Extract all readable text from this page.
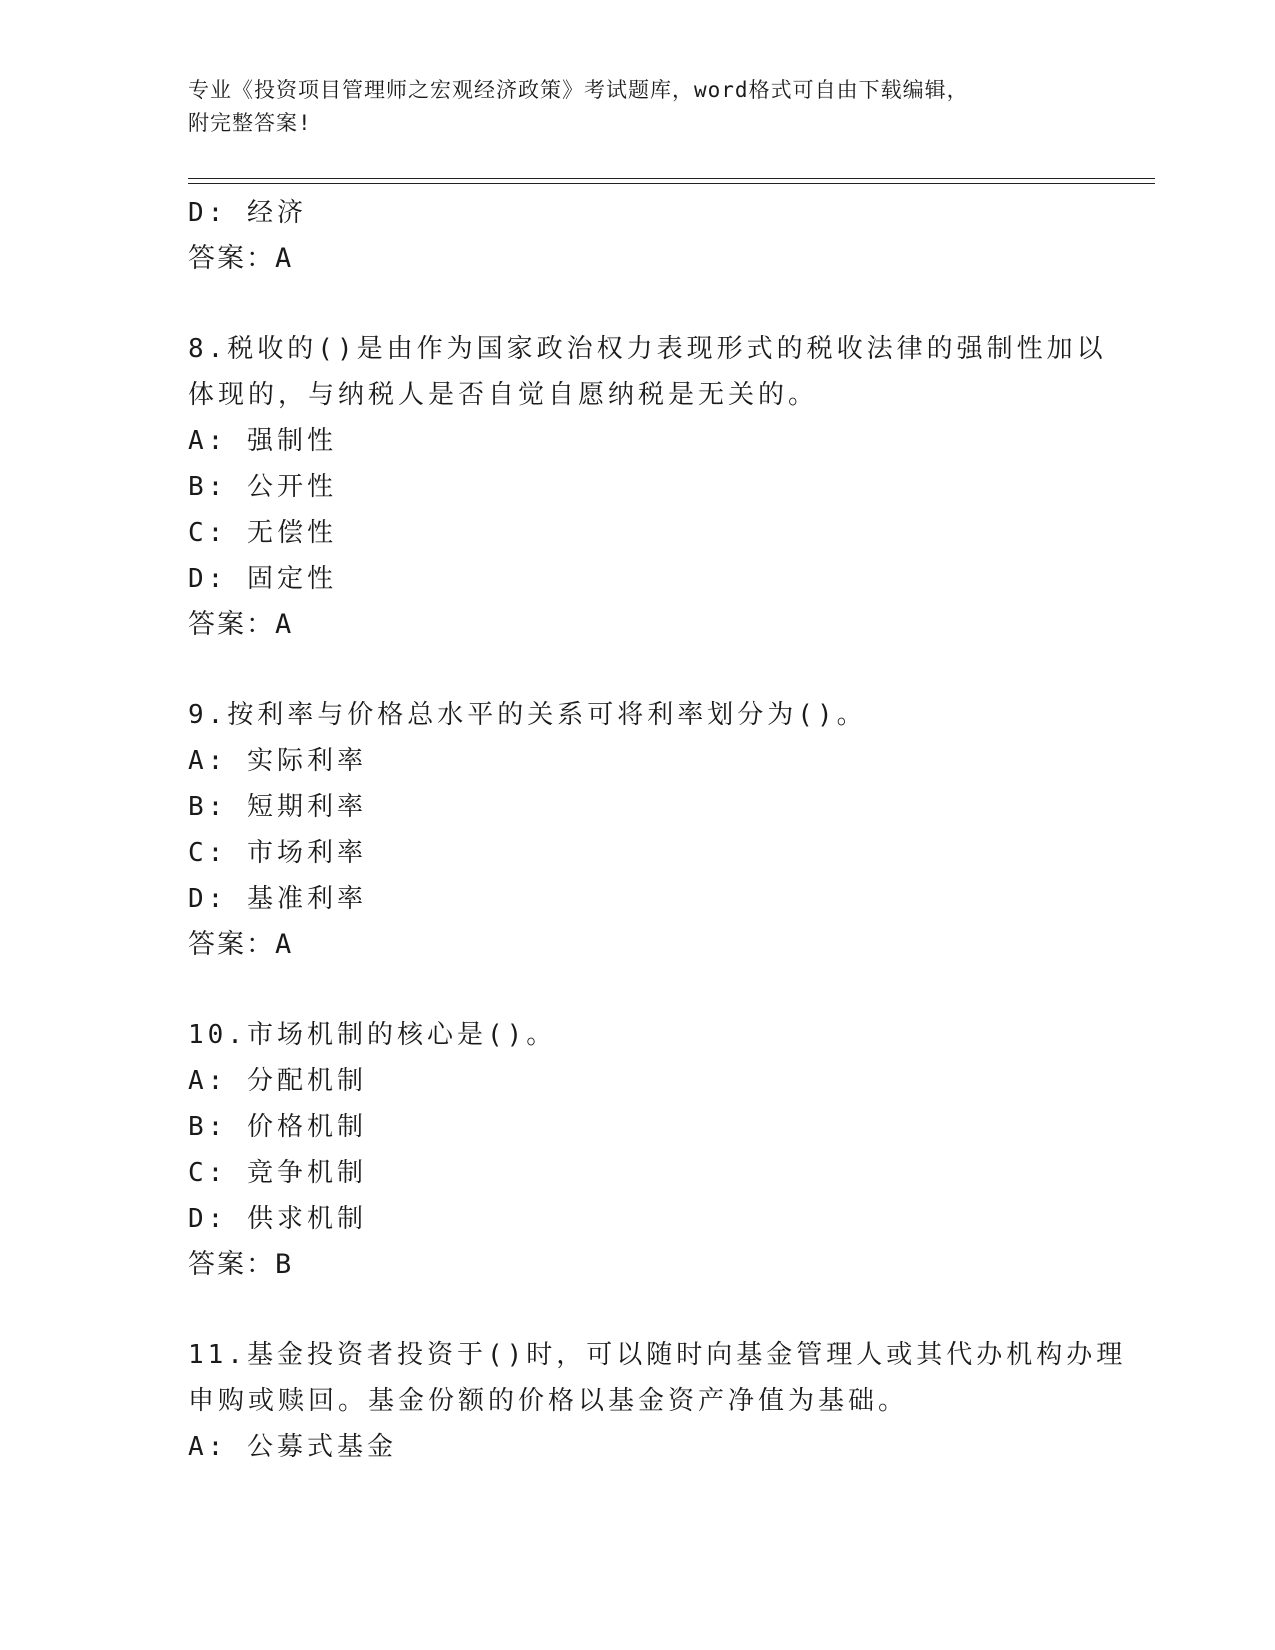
专业《投资项目管理师之宏观经济政策》考试题库，word格式可自由下载编辑，
附完整答案!
D: 经济
答案：A
8.税收的()是由作为国家政治权力表现形式的税收法律的强制性加以
体现的，与纳税人是否自觉自愿纳税是无关的。
A: 强制性
B: 公开性
C: 无偿性
D: 固定性
答案：A
9.按利率与价格总水平的关系可将利率划分为()。
A: 实际利率
B: 短期利率
C: 市场利率
D: 基准利率
答案：A
10.市场机制的核心是()。
A: 分配机制
B: 价格机制
C: 竞争机制
D: 供求机制
答案：B
11.基金投资者投资于()时，可以随时向基金管理人或其代办机构办理
申购或赎回。基金份额的价格以基金资产净值为基础。
A: 公募式基金
